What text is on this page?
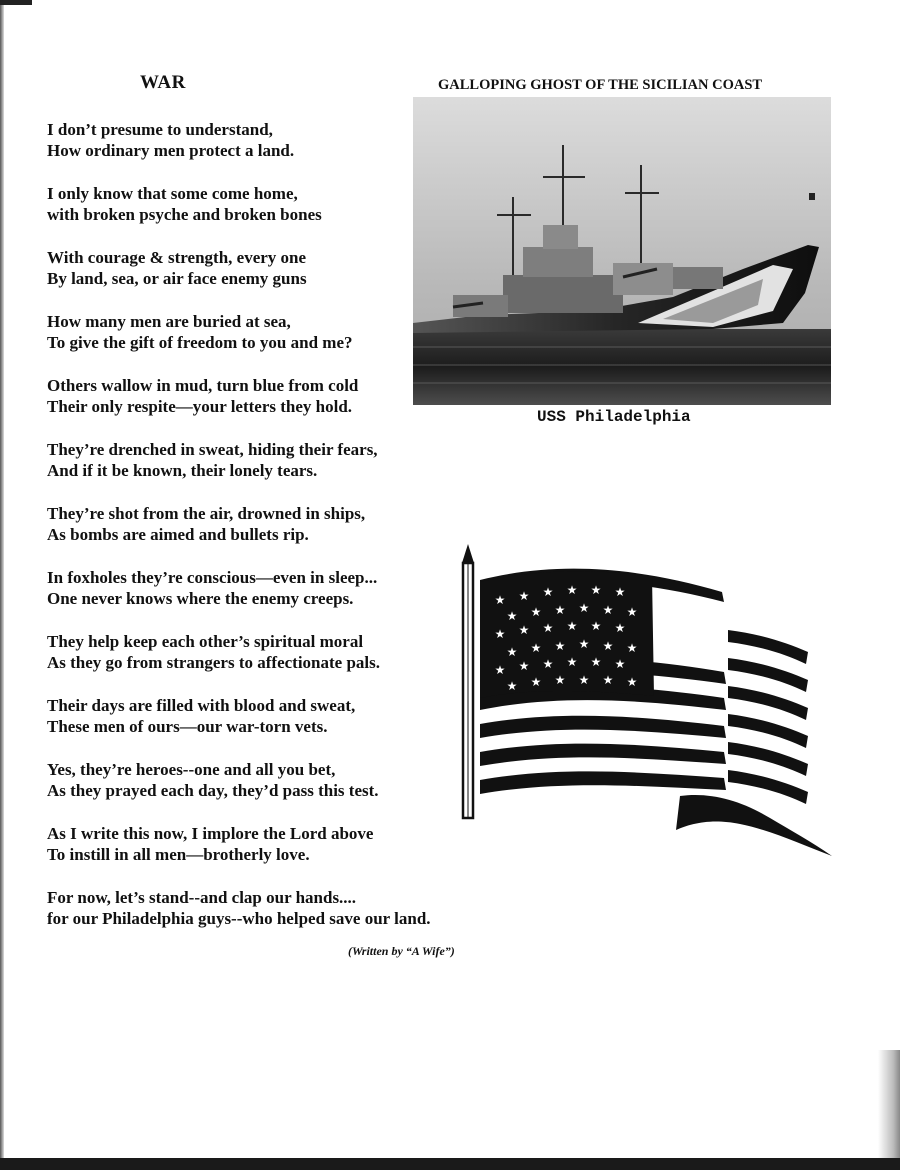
WAR
I don’t presume to understand,
How ordinary men protect a land.
I only know that some come home,
with broken psyche and broken bones
With courage & strength, every one
By land, sea, or air face enemy guns
How many men are buried at sea,
To give the gift of freedom to you and me?
Others wallow in mud, turn blue from cold
Their only respite—your letters they hold.
They’re drenched in sweat, hiding their fears,
And if it be known, their lonely tears.
They’re shot from the air, drowned in ships,
As bombs are aimed and bullets rip.
In foxholes they’re conscious—even in sleep...
One never knows where the enemy creeps.
They help keep each other’s spiritual moral
As they go from strangers to affectionate pals.
Their days are filled with blood and sweat,
These men of ours—our war-torn vets.
Yes, they’re heroes--one and all you bet,
As they prayed each day, they’d pass this test.
As I write this now, I implore the Lord above
To instill in all men—brotherly love.
For now, let’s stand--and clap our hands....
for our Philadelphia guys--who helped save our land.
(Written by “A Wife”)
GALLOPING GHOST OF THE SICILIAN COAST
USS Philadelphia
★ ★ ★ ★ ★ ★
★ ★ ★ ★ ★ ★
★ ★ ★ ★ ★ ★
★ ★ ★ ★ ★ ★
★ ★ ★ ★ ★ ★
★ ★ ★ ★ ★ ★
